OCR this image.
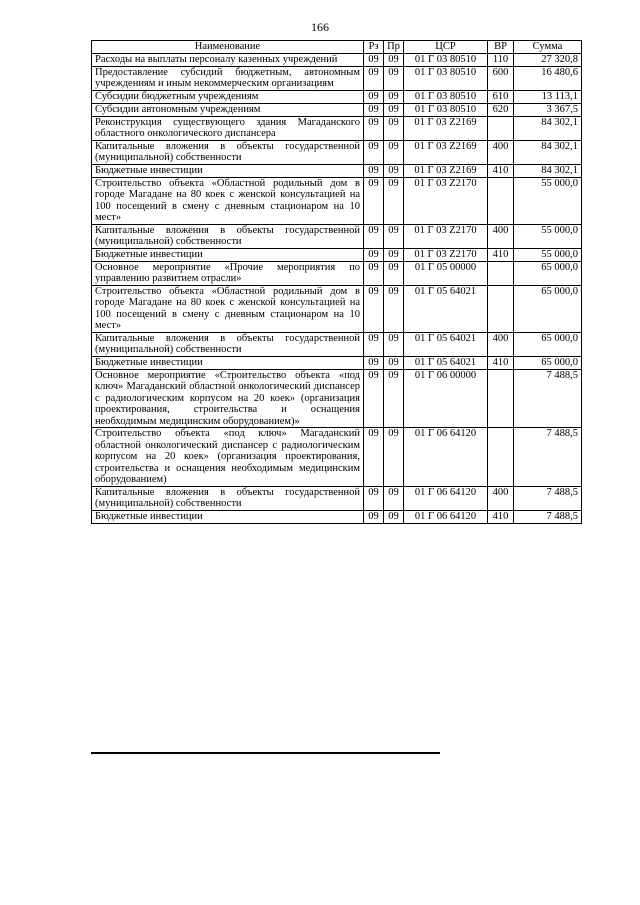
166
Наименование	Рз	Пр	ЦСР	ВР	Сумма
Расходы на выплаты персоналу казенных учреждений	09	09	01 Г 03 80510	110	27 320,8
Предоставление субсидий бюджетным, автономным учреждениям и иным некоммерческим организациям	09	09	01 Г 03 80510	600	16 480,6
Субсидии бюджетным учреждениям	09	09	01 Г 03 80510	610	13 113,1
Субсидии автономным учреждениям	09	09	01 Г 03 80510	620	3 367,5
Реконструкция существующего здания Магаданского областного онкологического диспансера	09	09	01 Г 03 Z2169		84 302,1
Капитальные вложения в объекты государственной (муниципальной) собственности	09	09	01 Г 03 Z2169	400	84 302,1
Бюджетные инвестиции	09	09	01 Г 03 Z2169	410	84 302,1
Строительство объекта «Областной родильный дом в городе Магадане на 80 коек с женской консультацией на 100 посещений в смену с дневным стационаром на 10 мест»	09	09	01 Г 03 Z2170		55 000,0
Капитальные вложения в объекты государственной (муниципальной) собственности	09	09	01 Г 03 Z2170	400	55 000,0
Бюджетные инвестиции	09	09	01 Г 03 Z2170	410	55 000,0
Основное мероприятие «Прочие мероприятия по управлению развитием отрасли»	09	09	01 Г 05 00000		65 000,0
Строительство объекта «Областной родильный дом в городе Магадане на 80 коек с женской консультацией на 100 посещений в смену с дневным стационаром на 10 мест»	09	09	01 Г 05 64021		65 000,0
Капитальные вложения в объекты государственной (муниципальной) собственности	09	09	01 Г 05 64021	400	65 000,0
Бюджетные инвестиции	09	09	01 Г 05 64021	410	65 000,0
Основное мероприятие «Строительство объекта «под ключ» Магаданский областной онкологический диспансер с радиологическим корпусом на 20 коек» (организация проектирования, строительства и оснащения необходимым медицинским оборудованием)»	09	09	01 Г 06 00000		7 488,5
Строительство объекта «под ключ» Магаданский областной онкологический диспансер с радиологическим корпусом на 20 коек» (организация проектирования, строительства и оснащения необходимым медицинским оборудованием)	09	09	01 Г 06 64120		7 488,5
Капитальные вложения в объекты государственной (муниципальной) собственности	09	09	01 Г 06 64120	400	7 488,5
Бюджетные инвестиции	09	09	01 Г 06 64120	410	7 488,5
